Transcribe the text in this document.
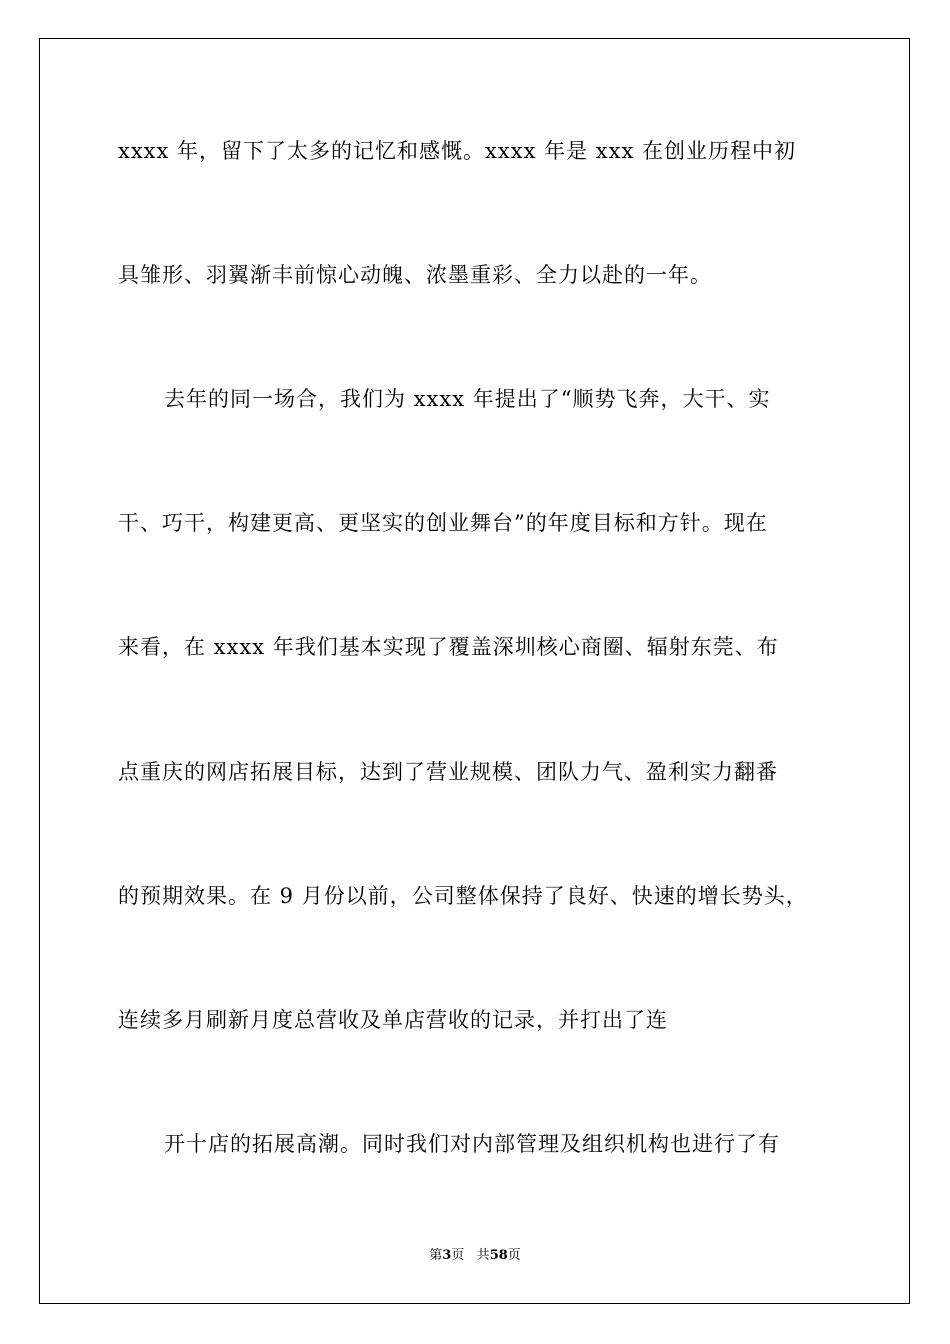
xxxx 年，留下了太多的记忆和感慨。xxxx 年是 xxx 在创业历程中初
具雏形、羽翼渐丰前惊心动魄、浓墨重彩、全力以赴的一年。
去年的同一场合，我们为 xxxx 年提出了“顺势飞奔，大干、实
干、巧干，构建更高、更坚实的创业舞台”的年度目标和方针。现在
来看，在 xxxx 年我们基本实现了覆盖深圳核心商圈、辐射东莞、布
点重庆的网店拓展目标，达到了营业规模、团队力气、盈利实力翻番
的预期效果。在 9 月份以前，公司整体保持了良好、快速的增长势头，
连续多月刷新月度总营收及单店营收的记录，并打出了连
开十店的拓展高潮。同时我们对内部管理及组织机构也进行了有
第3页 共58页
